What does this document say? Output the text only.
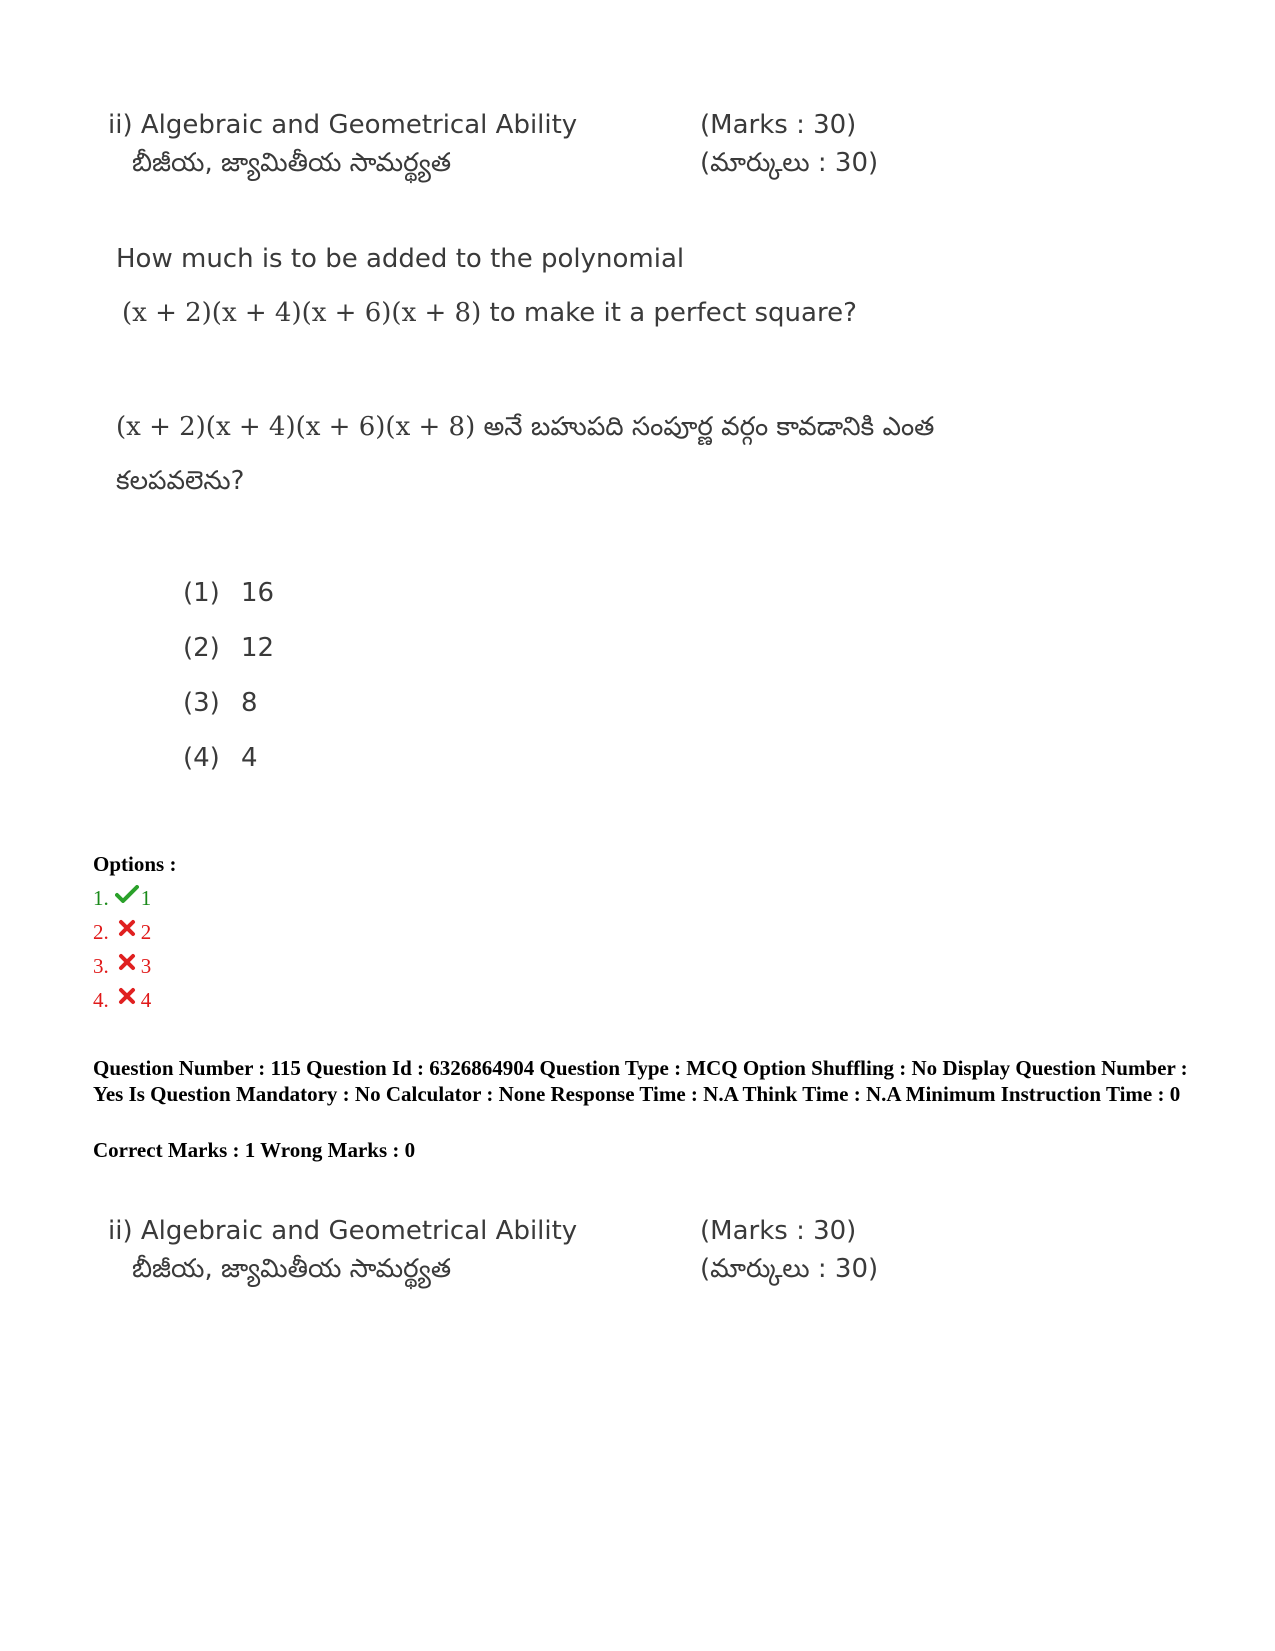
ii) Algebraic and Geometrical Ability
బీజీయ, జ్యామితీయ సామర్థ్యత
(Marks : 30)
(మార్కులు : 30)
How much is to be added to the polynomial
(x + 2)(x + 4)(x + 6)(x + 8) to make it a perfect square?
(x + 2)(x + 4)(x + 6)(x + 8) అనే బహుపది సంపూర్ణ వర్గం కావడానికి ఎంత
కలపవలెను?
(1) 16
(2) 12
(3) 8
(4) 4
Options :
1. 1
2. 2
3. 3
4. 4
Question Number : 115 Question Id : 6326864904 Question Type : MCQ Option Shuffling : No Display Question Number : Yes Is Question Mandatory : No Calculator : None Response Time : N.A Think Time : N.A Minimum Instruction Time : 0
Correct Marks : 1 Wrong Marks : 0
ii) Algebraic and Geometrical Ability
బీజీయ, జ్యామితీయ సామర్థ్యత
(Marks : 30)
(మార్కులు : 30)
